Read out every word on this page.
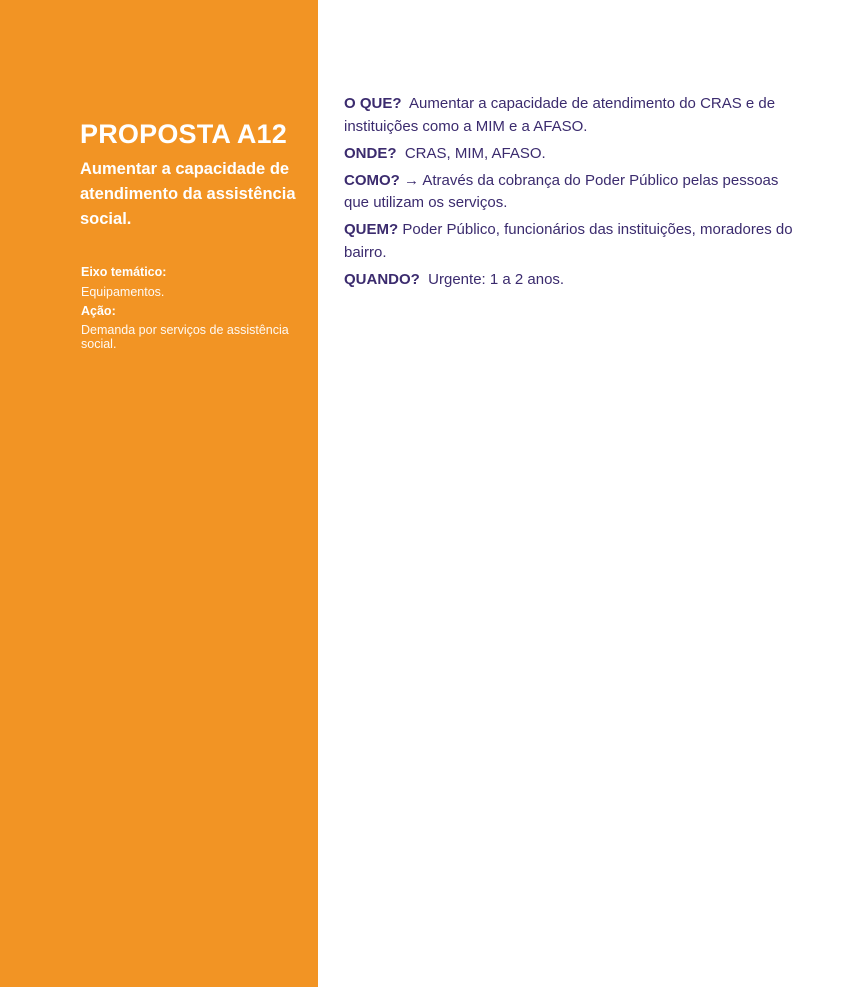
PROPOSTA A12
Aumentar a capacidade de atendimento da assistência social.
Eixo temático:
Equipamentos.
Ação:
Demanda por serviços de assistência social.

O QUE? Aumentar a capacidade de atendimento do CRAS e de instituições como a MIM e a AFASO.

ONDE? CRAS, MIM, AFASO.

COMO? → Através da cobrança do Poder Público pelas pessoas que utilizam os serviços.

QUEM? Poder Público, funcionários das instituições, moradores do bairro.

QUANDO? Urgente: 1 a 2 anos.
